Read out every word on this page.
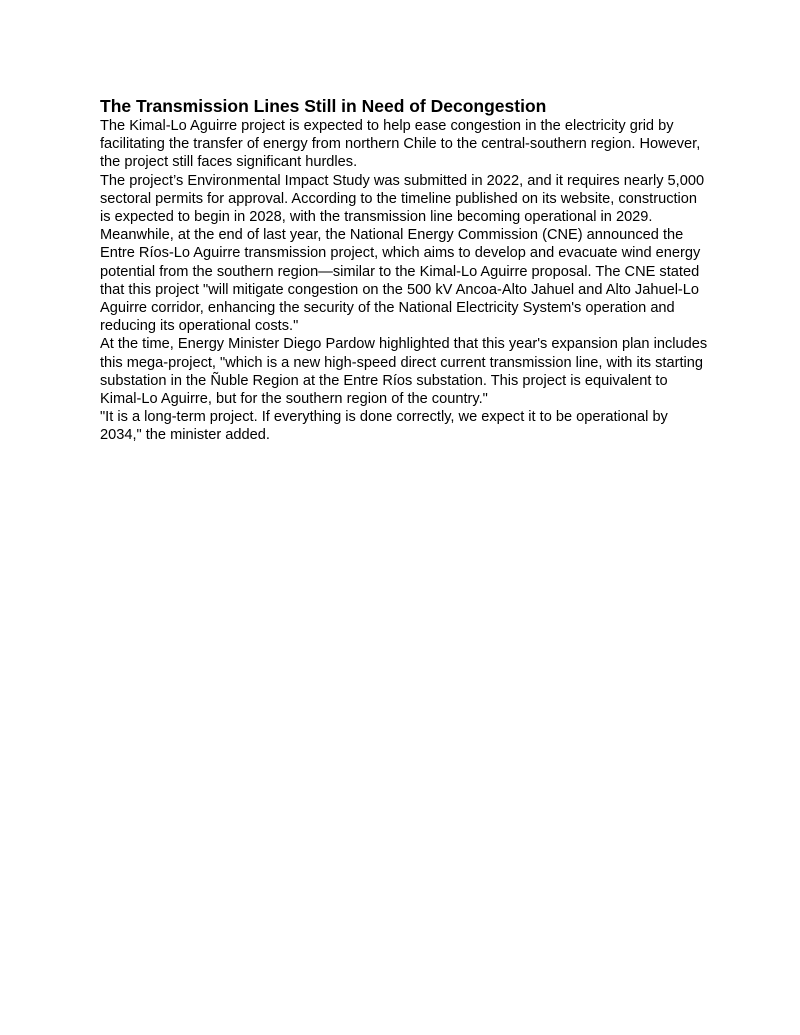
The Transmission Lines Still in Need of Decongestion

The Kimal-Lo Aguirre project is expected to help ease congestion in the electricity grid by facilitating the transfer of energy from northern Chile to the central-southern region. However, the project still faces significant hurdles.

The project’s Environmental Impact Study was submitted in 2022, and it requires nearly 5,000 sectoral permits for approval. According to the timeline published on its website, construction is expected to begin in 2028, with the transmission line becoming operational in 2029.

Meanwhile, at the end of last year, the National Energy Commission (CNE) announced the Entre Ríos-Lo Aguirre transmission project, which aims to develop and evacuate wind energy potential from the southern region—similar to the Kimal-Lo Aguirre proposal. The CNE stated that this project "will mitigate congestion on the 500 kV Ancoa-Alto Jahuel and Alto Jahuel-Lo Aguirre corridor, enhancing the security of the National Electricity System's operation and reducing its operational costs."

At the time, Energy Minister Diego Pardow highlighted that this year's expansion plan includes this mega-project, "which is a new high-speed direct current transmission line, with its starting substation in the Ñuble Region at the Entre Ríos substation. This project is equivalent to Kimal-Lo Aguirre, but for the southern region of the country."

"It is a long-term project. If everything is done correctly, we expect it to be operational by 2034," the minister added.
